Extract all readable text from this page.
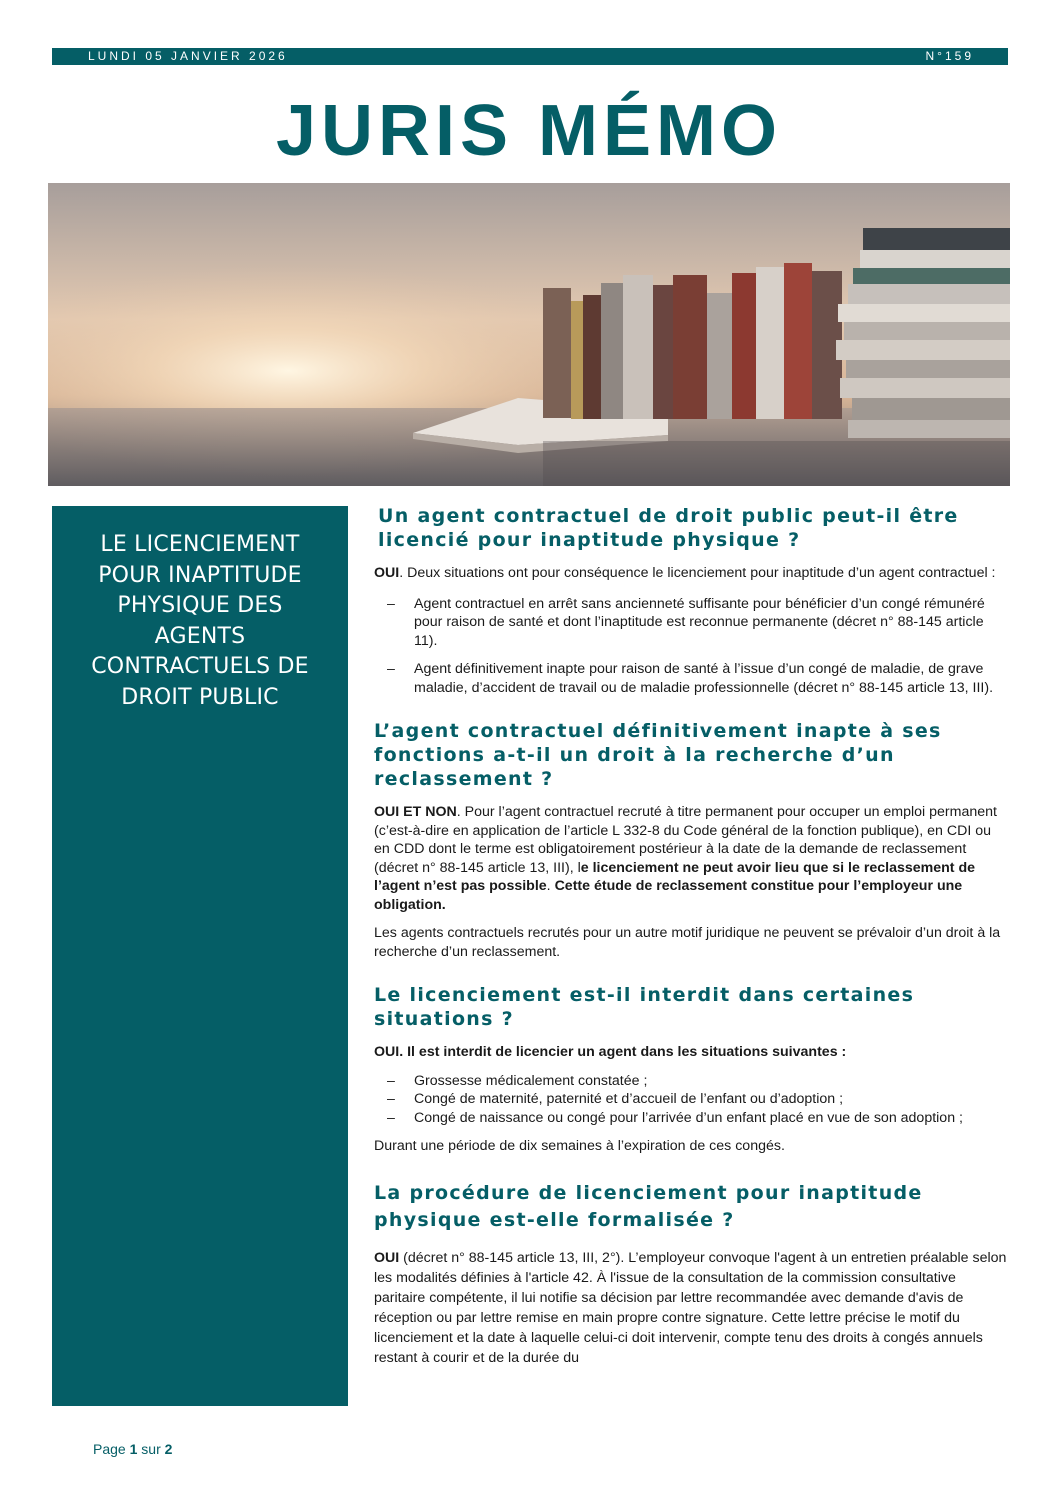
LUNDI 05 JANVIER 2026	N°159
JURIS MÉMO
LE LICENCIEMENT POUR INAPTITUDE PHYSIQUE DES AGENTS CONTRACTUELS DE DROIT PUBLIC
Un agent contractuel de droit public peut-il être licencié pour inaptitude physique ?

OUI. Deux situations ont pour conséquence le licenciement pour inaptitude d’un agent contractuel :

– Agent contractuel en arrêt sans ancienneté suffisante pour bénéficier d’un congé rémunéré pour raison de santé et dont l’inaptitude est reconnue permanente (décret n° 88-145 article 11).
– Agent définitivement inapte pour raison de santé à l’issue d’un congé de maladie, de grave maladie, d’accident de travail ou de maladie professionnelle (décret n° 88-145 article 13, III).
L’agent contractuel définitivement inapte à ses fonctions a-t-il un droit à la recherche d’un reclassement ?

OUI ET NON. Pour l’agent contractuel recruté à titre permanent pour occuper un emploi permanent (c’est-à-dire en application de l’article L 332-8 du Code général de la fonction publique), en CDI ou en CDD dont le terme est obligatoirement postérieur à la date de la demande de reclassement (décret n° 88-145 article 13, III), le licenciement ne peut avoir lieu que si le reclassement de l’agent n’est pas possible. Cette étude de reclassement constitue pour l’employeur une obligation.

Les agents contractuels recrutés pour un autre motif juridique ne peuvent se prévaloir d’un droit à la recherche d’un reclassement.

Le licenciement est-il interdit dans certaines situations ?

OUI. Il est interdit de licencier un agent dans les situations suivantes :

– Grossesse médicalement constatée ;
– Congé de maternité, paternité et d’accueil de l’enfant ou d’adoption ;
– Congé de naissance ou congé pour l’arrivée d’un enfant placé en vue de son adoption ;

Durant une période de dix semaines à l’expiration de ces congés.

La procédure de licenciement pour inaptitude physique est-elle formalisée ?

OUI (décret n° 88-145 article 13, III, 2°). L’employeur convoque l'agent à un entretien préalable selon les modalités définies à l'article 42. À l'issue de la consultation de la commission consultative paritaire compétente, il lui notifie sa décision par lettre recommandée avec demande d'avis de réception ou par lettre remise en main propre contre signature. Cette lettre précise le motif du licenciement et la date à laquelle celui-ci doit intervenir, compte tenu des droits à congés annuels restant à courir et de la durée du

Page 1 sur 2
